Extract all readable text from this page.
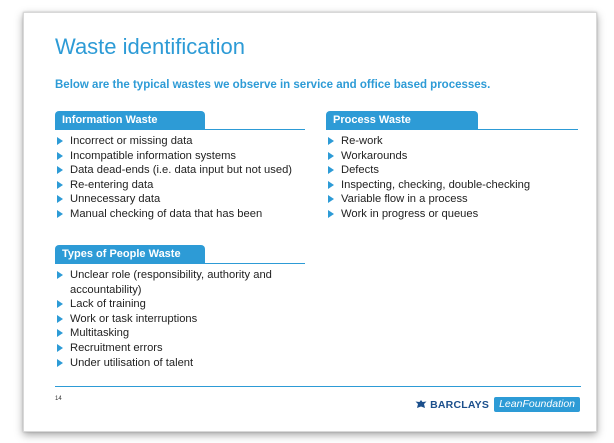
Waste identification
Below are the typical wastes we observe in service and office based processes.
Information Waste
Incorrect or missing data
Incompatible information systems
Data dead-ends (i.e. data input but not used)
Re-entering data
Unnecessary data
Manual checking of data that has been
Types of People Waste
Unclear role (responsibility, authority and accountability)
Lack of training
Work or task interruptions
Multitasking
Recruitment errors
Under utilisation of talent
Process Waste
Re-work
Workarounds
Defects
Inspecting, checking, double-checking
Variable flow in a process
Work in progress or queues
14	BARCLAYS LeanFoundation
